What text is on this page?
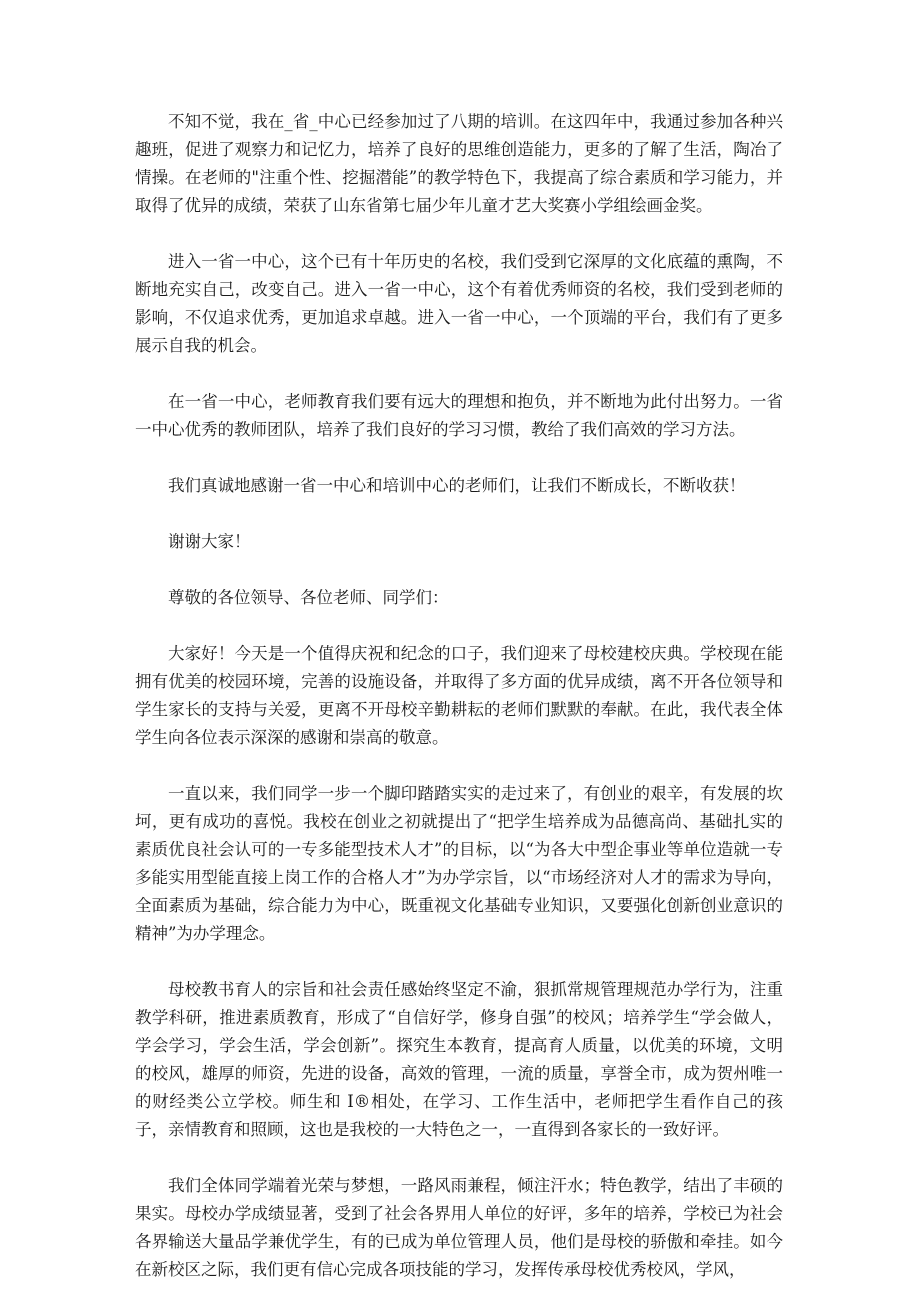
不知不觉，我在_省_中心已经参加过了八期的培训。在这四年中，我通过参加各种兴趣班，促进了观察力和记忆力，培养了良好的思维创造能力，更多的了解了生活，陶冶了情操。在老师的"注重个性、挖掘潜能”的教学特色下，我提高了综合素质和学习能力，并取得了优异的成绩，荣获了山东省第七届少年儿童才艺大奖赛小学组绘画金奖。

进入一省一中心，这个已有十年历史的名校，我们受到它深厚的文化底蕴的熏陶，不断地充实自己，改变自己。进入一省一中心，这个有着优秀师资的名校，我们受到老师的影响，不仅追求优秀，更加追求卓越。进入一省一中心，一个顶端的平台，我们有了更多展示自我的机会。

在一省一中心，老师教育我们要有远大的理想和抱负，并不断地为此付出努力。一省一中心优秀的教师团队，培养了我们良好的学习习惯，教给了我们高效的学习方法。

我们真诚地感谢一省一中心和培训中心的老师们，让我们不断成长，不断收获！

谢谢大家！

尊敬的各位领导、各位老师、同学们：

大家好！今天是一个值得庆祝和纪念的口子，我们迎来了母校建校庆典。学校现在能拥有优美的校园环境，完善的设施设备，并取得了多方面的优异成绩，离不开各位领导和学生家长的支持与关爱，更离不开母校辛勤耕耘的老师们默默的奉献。在此，我代表全体学生向各位表示深深的感谢和崇高的敬意。

一直以来，我们同学一步一个脚印踏踏实实的走过来了，有创业的艰辛，有发展的坎坷，更有成功的喜悦。我校在创业之初就提出了“把学生培养成为品德高尚、基础扎实的素质优良社会认可的一专多能型技术人才”的目标，以“为各大中型企事业等单位造就一专多能实用型能直接上岗工作的合格人才”为办学宗旨，以“市场经济对人才的需求为导向，全面素质为基础，综合能力为中心，既重视文化基础专业知识，又要强化创新创业意识的精神”为办学理念。

母校教书育人的宗旨和社会责任感始终坚定不渝，狠抓常规管理规范办学行为，注重教学科研，推进素质教育，形成了“自信好学，修身自强”的校风；培养学生“学会做人，学会学习，学会生活，学会创新”。探究生本教育，提高育人质量，以优美的环境，文明的校风，雄厚的师资，先进的设备，高效的管理，一流的质量，享誉全市，成为贺州唯一的财经类公立学校。师生和 I®相处，在学习、工作生活中，老师把学生看作自己的孩子，亲情教育和照顾，这也是我校的一大特色之一，一直得到各家长的一致好评。

我们全体同学端着光荣与梦想，一路风雨兼程，倾注汗水；特色教学，结出了丰硕的果实。母校办学成绩显著，受到了社会各界用人单位的好评，多年的培养，学校已为社会各界输送大量品学兼优学生，有的已成为单位管理人员，他们是母校的骄傲和牵挂。如今在新校区之际，我们更有信心完成各项技能的学习，发挥传承母校优秀校风，学风，
